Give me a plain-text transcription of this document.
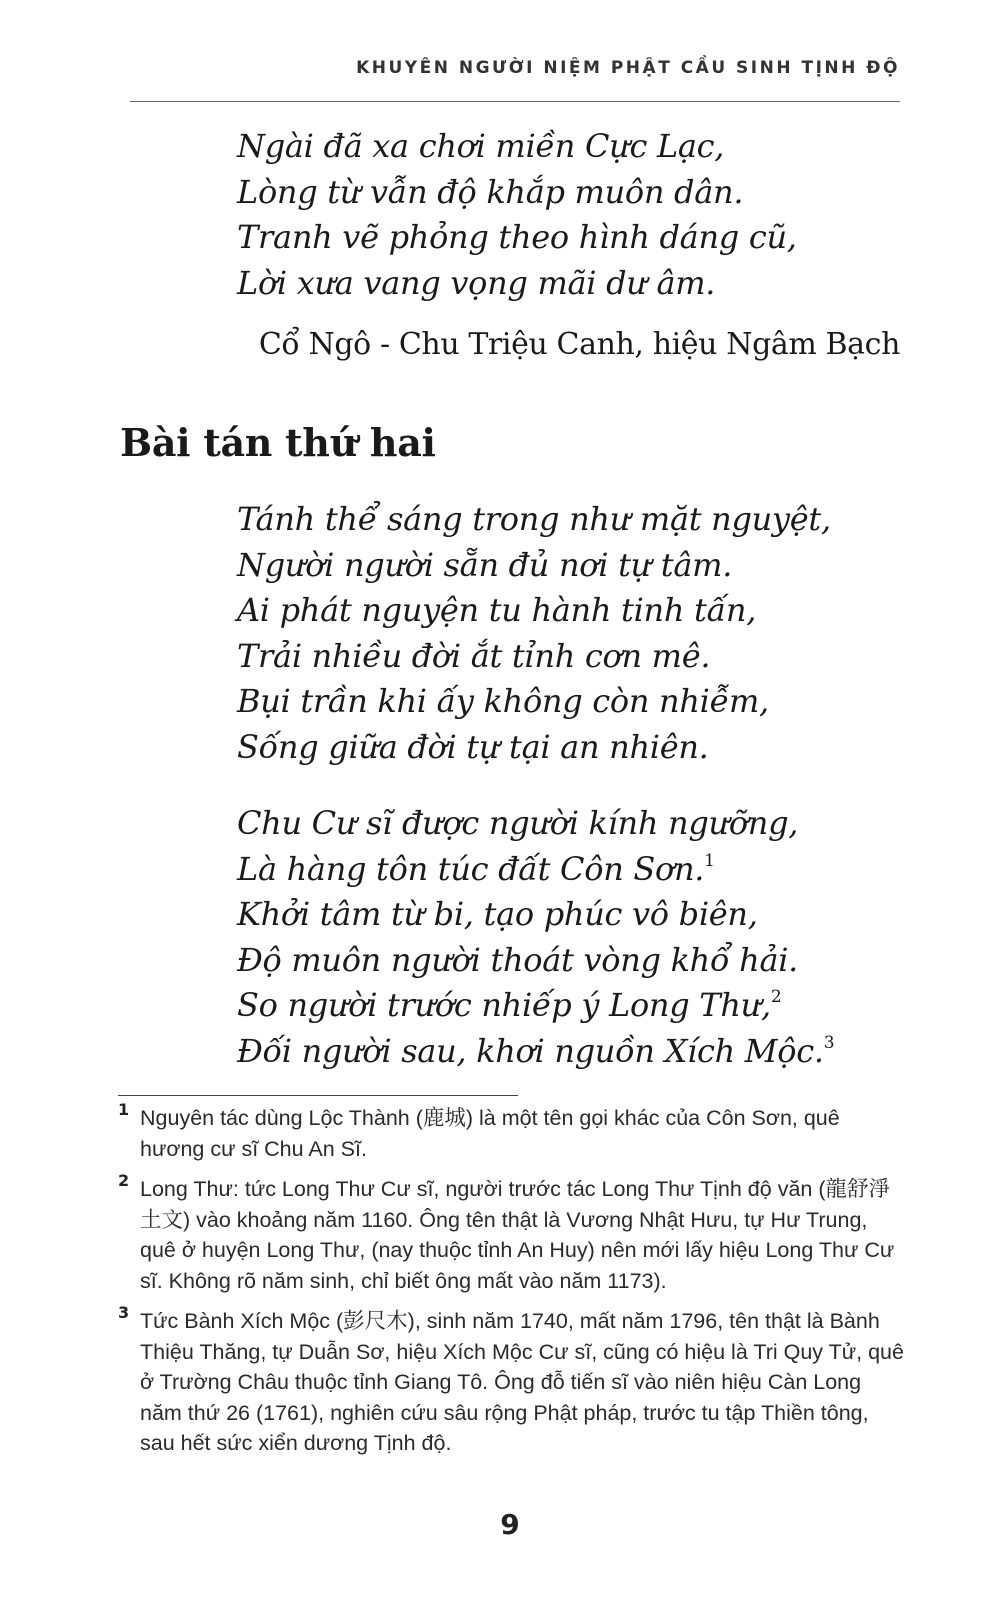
KHUYÊN NGƯỜI NIỆM PHẬT CẦU SINH TỊNH ĐỘ
Ngài đã xa chơi miền Cực Lạc,
Lòng từ vẫn độ khắp muôn dân.
Tranh vẽ phỏng theo hình dáng cũ,
Lời xưa vang vọng mãi dư âm.
Cổ Ngô - Chu Triệu Canh, hiệu Ngâm Bạch
Bài tán thứ hai
Tánh thể sáng trong như mặt nguyệt,
Người người sẵn đủ nơi tự tâm.
Ai phát nguyện tu hành tinh tấn,
Trải nhiều đời ắt tỉnh cơn mê.
Bụi trần khi ấy không còn nhiễm,
Sống giữa đời tự tại an nhiên.
Chu Cư sĩ được người kính ngưỡng,
Là hàng tôn túc đất Côn Sơn.$^1$
Khởi tâm từ bi, tạo phúc vô biên,
Độ muôn người thoát vòng khổ hải.
So người trước nhiếp ý Long Thư,$^2$
Đối người sau, khơi nguồn Xích Mộc.$^3$
1 Nguyên tác dùng Lộc Thành (鹿城) là một tên gọi khác của Côn Sơn, quê hương cư sĩ Chu An Sĩ.
2 Long Thư: tức Long Thư Cư sĩ, người trước tác Long Thư Tịnh độ văn (龍舒淨土文) vào khoảng năm 1160. Ông tên thật là Vương Nhật Hưu, tự Hư Trung, quê ở huyện Long Thư, (nay thuộc tỉnh An Huy) nên mới lấy hiệu Long Thư Cư sĩ. Không rõ năm sinh, chỉ biết ông mất vào năm 1173).
3 Tức Bành Xích Mộc (彭尺木), sinh năm 1740, mất năm 1796, tên thật là Bành Thiệu Thăng, tự Duẫn Sơ, hiệu Xích Mộc Cư sĩ, cũng có hiệu là Tri Quy Tử, quê ở Trường Châu thuộc tỉnh Giang Tô. Ông đỗ tiến sĩ vào niên hiệu Càn Long năm thứ 26 (1761), nghiên cứu sâu rộng Phật pháp, trước tu tập Thiền tông, sau hết sức xiển dương Tịnh độ.
9
